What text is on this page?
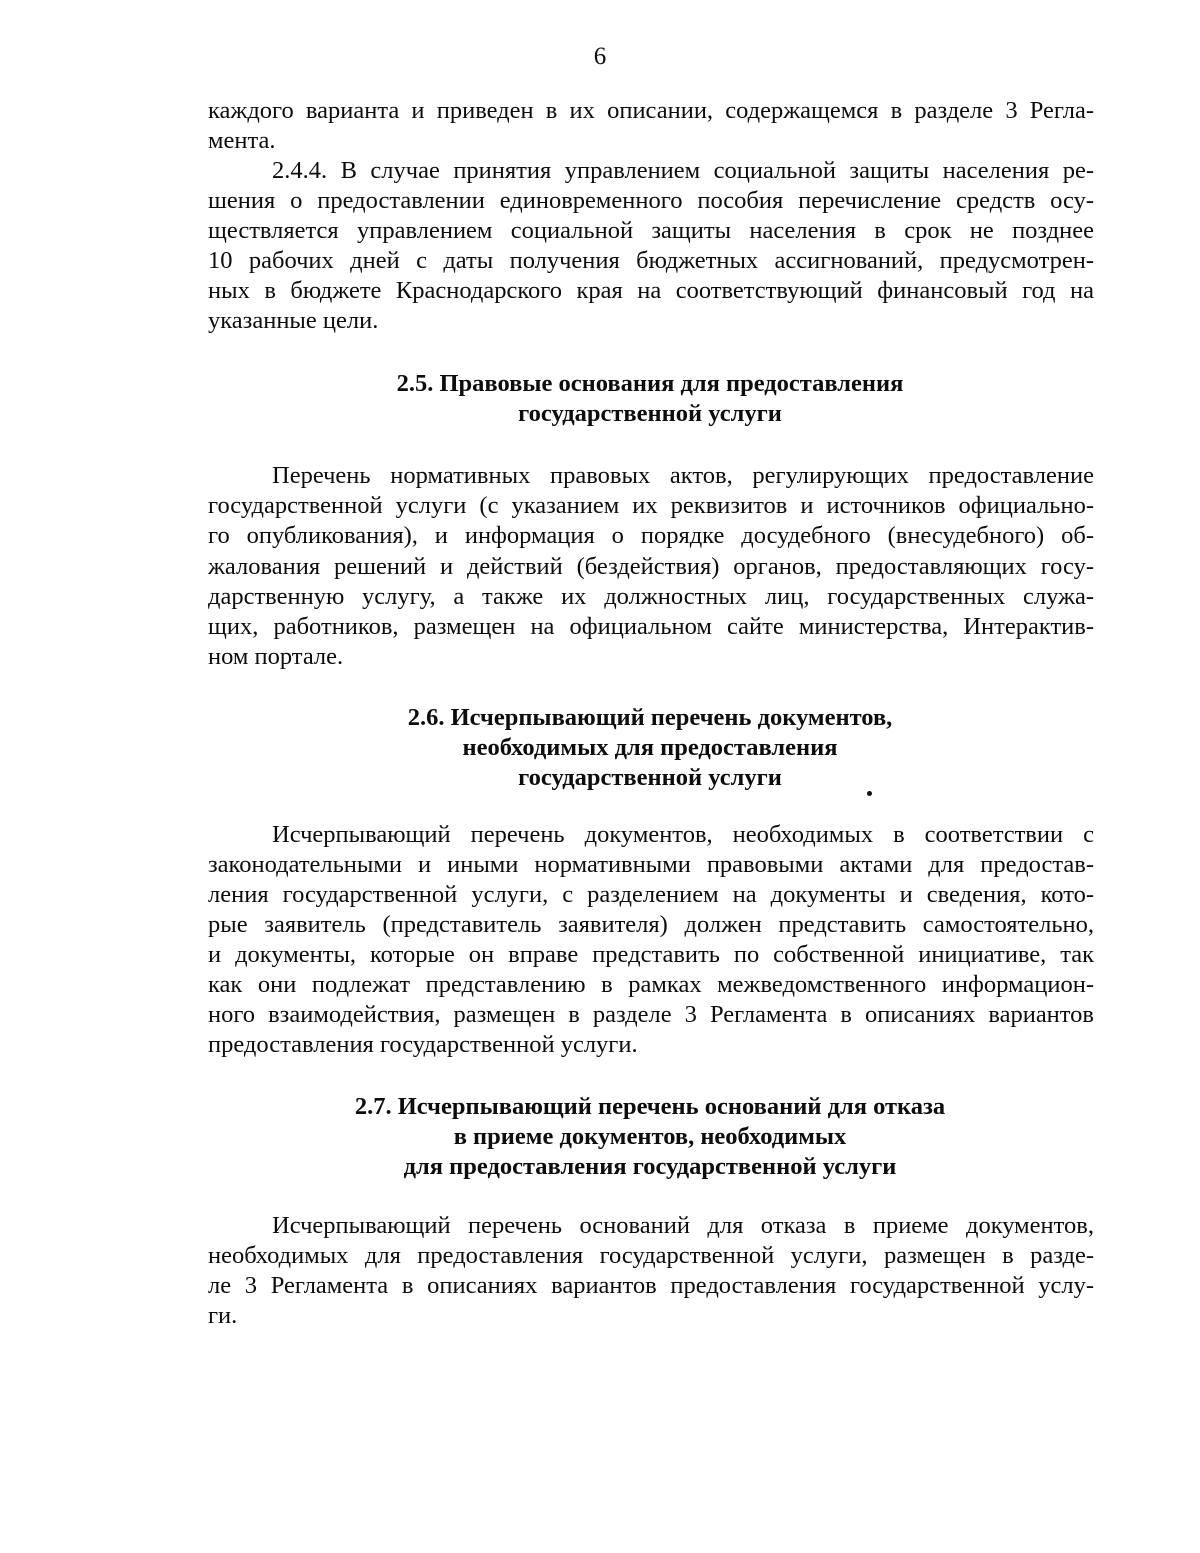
6
каждого варианта и приведен в их описании, содержащемся в разделе 3 Регла-
мента.
2.4.4. В случае принятия управлением социальной защиты населения ре-
шения о предоставлении единовременного пособия перечисление средств осу-
ществляется управлением социальной защиты населения в срок не позднее
10 рабочих дней с даты получения бюджетных ассигнований, предусмотрен-
ных в бюджете Краснодарского края на соответствующий финансовый год на
указанные цели.
2.5. Правовые основания для предоставления
государственной услуги
Перечень нормативных правовых актов, регулирующих предоставление
государственной услуги (с указанием их реквизитов и источников официально-
го опубликования), и информация о порядке досудебного (внесудебного) об-
жалования решений и действий (бездействия) органов, предоставляющих госу-
дарственную услугу, а также их должностных лиц, государственных служа-
щих, работников, размещен на официальном сайте министерства, Интерактив-
ном портале.
2.6. Исчерпывающий перечень документов,
необходимых для предоставления
государственной услуги
Исчерпывающий перечень документов, необходимых в соответствии с
законодательными и иными нормативными правовыми актами для предостав-
ления государственной услуги, с разделением на документы и сведения, кото-
рые заявитель (представитель заявителя) должен представить самостоятельно,
и документы, которые он вправе представить по собственной инициативе, так
как они подлежат представлению в рамках межведомственного информацион-
ного взаимодействия, размещен в разделе 3 Регламента в описаниях вариантов
предоставления государственной услуги.
2.7. Исчерпывающий перечень оснований для отказа
в приеме документов, необходимых
для предоставления государственной услуги
Исчерпывающий перечень оснований для отказа в приеме документов,
необходимых для предоставления государственной услуги, размещен в разде-
ле 3 Регламента в описаниях вариантов предоставления государственной услу-
ги.
